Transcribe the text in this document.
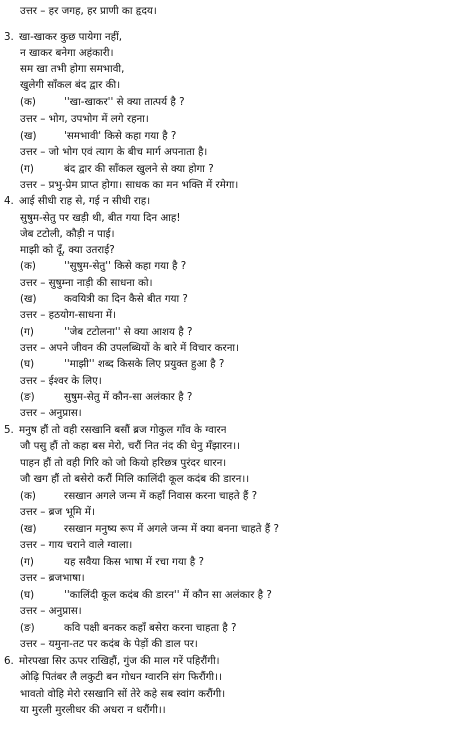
उत्तर – हर जगह, हर प्राणी का हृदय।
3. खा-खाकर कुछ पायेगा नहीं,
न खाकर बनेगा अहंकारी।
सम खा तभी होगा समभावी,
खुलेगी साँकल बंद द्वार की।
(क)	''खा-खाकर'' से क्या तात्पर्य है ?
उत्तर – भोग, उपभोग में लगे रहना।
(ख)	'समभावी' किसे कहा गया है ?
उत्तर – जो भोग एवं त्याग के बीच मार्ग अपनाता है।
(ग)	बंद द्वार की साँकल खुलने से क्या होगा ?
उत्तर – प्रभु-प्रेम प्राप्त होगा। साधक का मन भक्ति में रमेगा।
4. आई सीधी राह से, गई न सीधी राह।
सुषुम-सेतु पर खड़ी थी, बीत गया दिन आह!
जेब टटोली, कौड़ी न पाई।
माझी को दूँ, क्या उतराई?
(क)	''सुषुम-सेतु'' किसे कहा गया है ?
उत्तर – सुषुम्ना नाड़ी की साधना को।
(ख)	कवयित्री का दिन कैसे बीत गया ?
उत्तर – हठयोग-साधना में।
(ग)	''जेब टटोलना'' से क्या आशय है ?
उत्तर – अपने जीवन की उपलब्धियों के बारे में विचार करना।
(घ)	''माझी'' शब्द किसके लिए प्रयुक्त हुआ है ?
उत्तर – ईश्वर के लिए।
(ङ)	सुषुम-सेतु में कौन-सा अलंकार है ?
उत्तर – अनुप्रास।
5. मनुष हौं तो वही रसखानि बसौं ब्रज गोकुल गाँव के ग्वारन
जौ पसु हौं तो कहा बस मेरो, चरौं नित नंद की धेनु मँझारन।।
पाहन हौं तो वही गिरि को जो कियो हरिछत्र पुरंदर धारन।
जौ खग हौं तो बसेरो करौं मिलि कालिंदी कूल कदंब की डारन।।
(क)	रसखान अगले जन्म में कहाँ निवास करना चाहते हैं ?
उत्तर – ब्रज भूमि में।
(ख)	रसखान मनुष्य रूप में अगले जन्म में क्या बनना चाहते हैं ?
उत्तर – गाय चराने वाले ग्वाला।
(ग)	यह सवैया किस भाषा में रचा गया है ?
उत्तर – ब्रजभाषा।
(घ)	''कालिंदी कूल कदंब की डारन'' में कौन सा अलंकार है ?
उत्तर – अनुप्रास।
(ङ)	कवि पक्षी बनकर कहाँ बसेरा करना चाहता है ?
उत्तर – यमुना-तट पर कदंब के पेड़ों की डाल पर।
6. मोरपखा सिर ऊपर राखिहौं, गुंज की माल गरें पहिरौंगी।
ओढ़ि पितंबर लै लकुटी बन गोधन ग्वारनि संग फिरौंगी।।
भावतो वोहि मेरो रसखानि सों तेरे कहे सब स्वांग करौंगी।
या मुरली मुरलीधर की अधरा न धरौंगी।।
